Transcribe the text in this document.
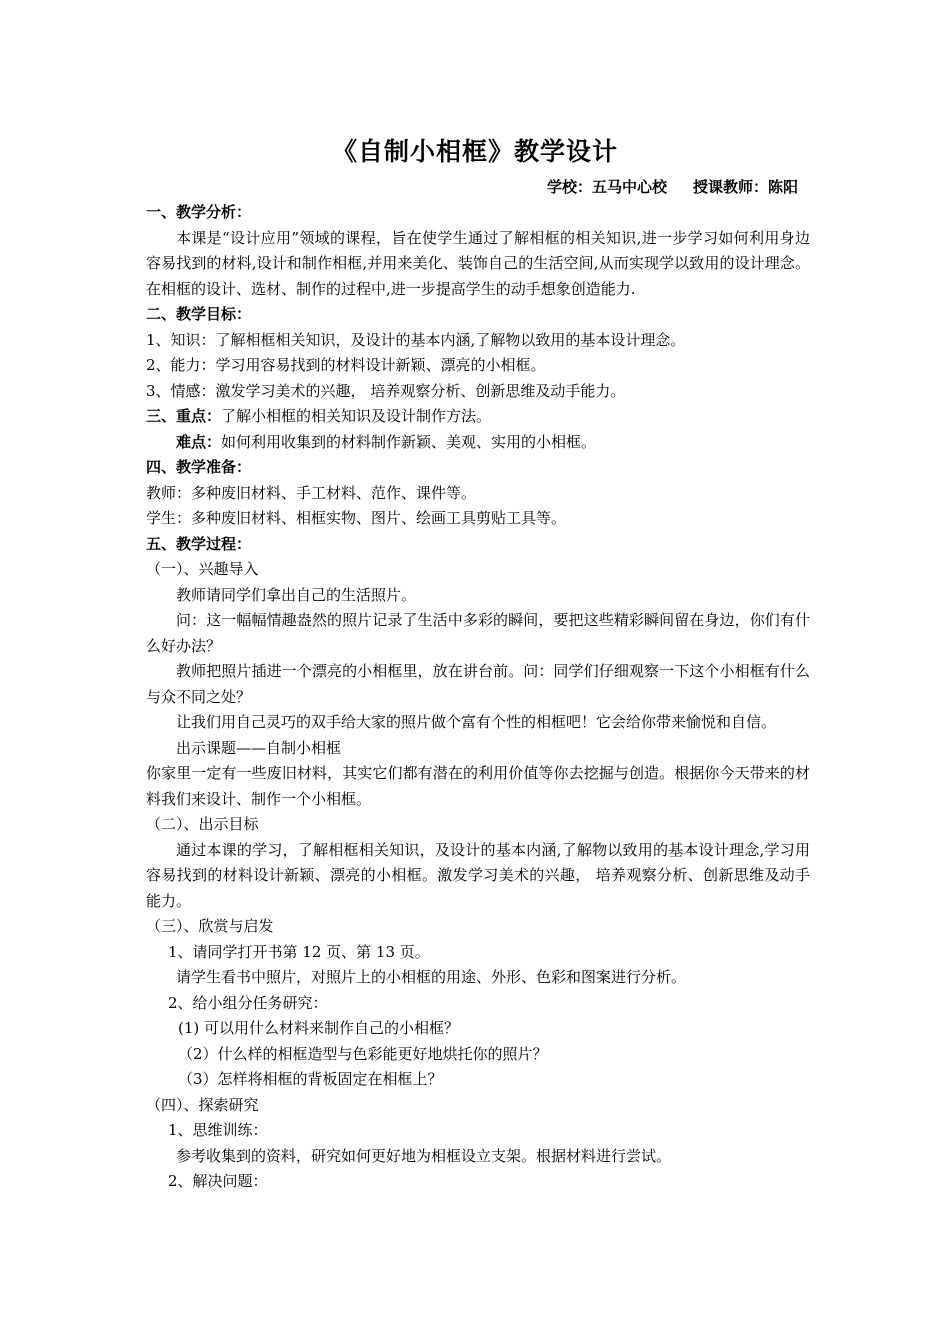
《自制小相框》教学设计
学校：五马中心校 授课教师：陈阳

一、教学分析：

本课是“设计应用”领域的课程，旨在使学生通过了解相框的相关知识,进一步学习如何利用身边容易找到的材料,设计和制作相框,并用来美化、装饰自己的生活空间,从而实现学以致用的设计理念。在相框的设计、选材、制作的过程中,进一步提高学生的动手想象创造能力.

二、教学目标：

1、知识：了解相框相关知识，及设计的基本内涵,了解物以致用的基本设计理念。

2、能力：学习用容易找到的材料设计新颖、漂亮的小相框。

3、情感：激发学习美术的兴趣， 培养观察分析、创新思维及动手能力。

三、重点：了解小相框的相关知识及设计制作方法。

难点：如何利用收集到的材料制作新颖、美观、实用的小相框。

四、教学准备：

教师：多种废旧材料、手工材料、范作、课件等。

学生：多种废旧材料、相框实物、图片、绘画工具剪贴工具等。

五、教学过程：

（一）、兴趣导入

教师请同学们拿出自己的生活照片。

问：这一幅幅情趣盎然的照片记录了生活中多彩的瞬间，要把这些精彩瞬间留在身边，你们有什么好办法？

教师把照片插进一个漂亮的小相框里，放在讲台前。问：同学们仔细观察一下这个小相框有什么与众不同之处？

让我们用自己灵巧的双手给大家的照片做个富有个性的相框吧！它会给你带来愉悦和自信。

出示课题——自制小相框

你家里一定有一些废旧材料，其实它们都有潜在的利用价值等你去挖掘与创造。根据你今天带来的材料我们来设计、制作一个小相框。

（二）、出示目标

通过本课的学习，了解相框相关知识，及设计的基本内涵,了解物以致用的基本设计理念,学习用容易找到的材料设计新颖、漂亮的小相框。激发学习美术的兴趣， 培养观察分析、创新思维及动手能力。

（三）、欣赏与启发

1、请同学打开书第 12 页、第 13 页。

请学生看书中照片，对照片上的小相框的用途、外形、色彩和图案进行分析。

2、给小组分任务研究：

(1) 可以用什么材料来制作自己的小相框？

（2）什么样的相框造型与色彩能更好地烘托你的照片？

（3）怎样将相框的背板固定在相框上？

（四）、探索研究

1、思维训练：

参考收集到的资料，研究如何更好地为相框设立支架。根据材料进行尝试。

2、解决问题：
